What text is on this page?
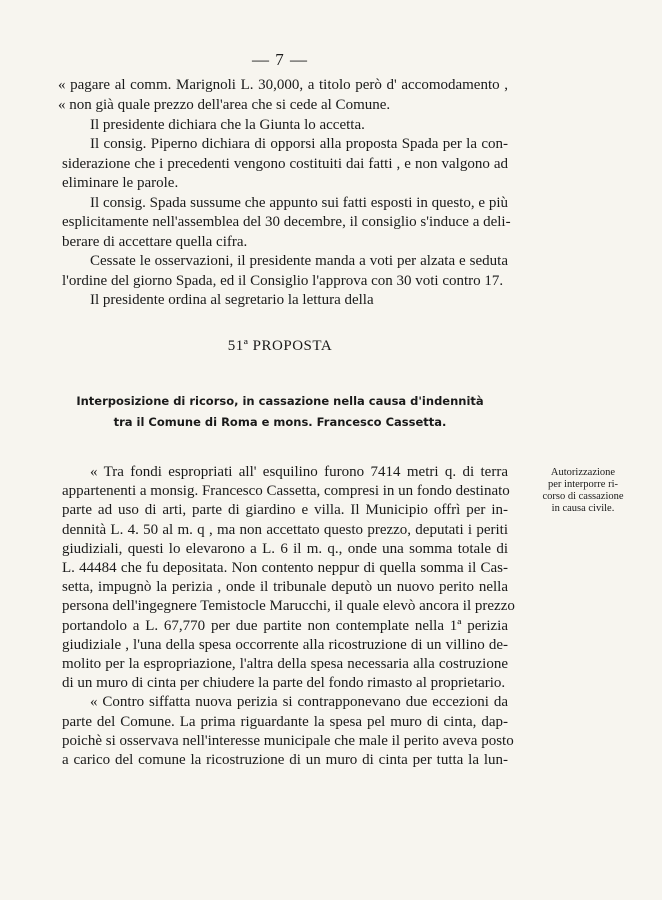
— 7 —
« pagare al comm. Marignoli L. 30,000, a titolo però d' accomodamento ,
« non già quale prezzo dell'area che si cede al Comune.
Il presidente dichiara che la Giunta lo accetta.
Il consig. Piperno dichiara di opporsi alla proposta Spada per la con-
siderazione che i precedenti vengono costituiti dai fatti , e non valgono ad
eliminare le parole.
Il consig. Spada sussume che appunto sui fatti esposti in questo, e più
esplicitamente nell'assemblea del 30 decembre, il consiglio s'induce a deli-
berare di accettare quella cifra.
Cessate le osservazioni, il presidente manda a voti per alzata e seduta
l'ordine del giorno Spada, ed il Consiglio l'approva con 30 voti contro 17.
Il presidente ordina al segretario la lettura della
51ª PROPOSTA
Interposizione di ricorso, in cassazione nella causa d'indennità
tra il Comune di Roma e mons. Francesco Cassetta.
« Tra fondi espropriati all' esquilino furono 7414 metri q. di terra
appartenenti a monsig. Francesco Cassetta, compresi in un fondo destinato
parte ad uso di arti, parte di giardino e villa. Il Municipio offrì per in-
dennità L. 4. 50 al m. q , ma non accettato questo prezzo, deputati i periti
giudiziali, questi lo elevarono a L. 6 il m. q., onde una somma totale di
L. 44484 che fu depositata. Non contento neppur di quella somma il Cas-
setta, impugnò la perizia , onde il tribunale deputò un nuovo perito nella
persona dell'ingegnere Temistocle Marucchi, il quale elevò ancora il prezzo
portandolo a L. 67,770 per due partite non contemplate nella 1ª perizia
giudiziale , l'una della spesa occorrente alla ricostruzione di un villino de-
molito per la espropriazione, l'altra della spesa necessaria alla costruzione
di un muro di cinta per chiudere la parte del fondo rimasto al proprietario.
« Contro siffatta nuova perizia si contrapponevano due eccezioni da
parte del Comune. La prima riguardante la spesa pel muro di cinta, dap-
poichè si osservava nell'interesse municipale che male il perito aveva posto
a carico del comune la ricostruzione di un muro di cinta per tutta la lun-
Autorizzazione
per interporre ri-
corso di cassazione
in causa civile.
